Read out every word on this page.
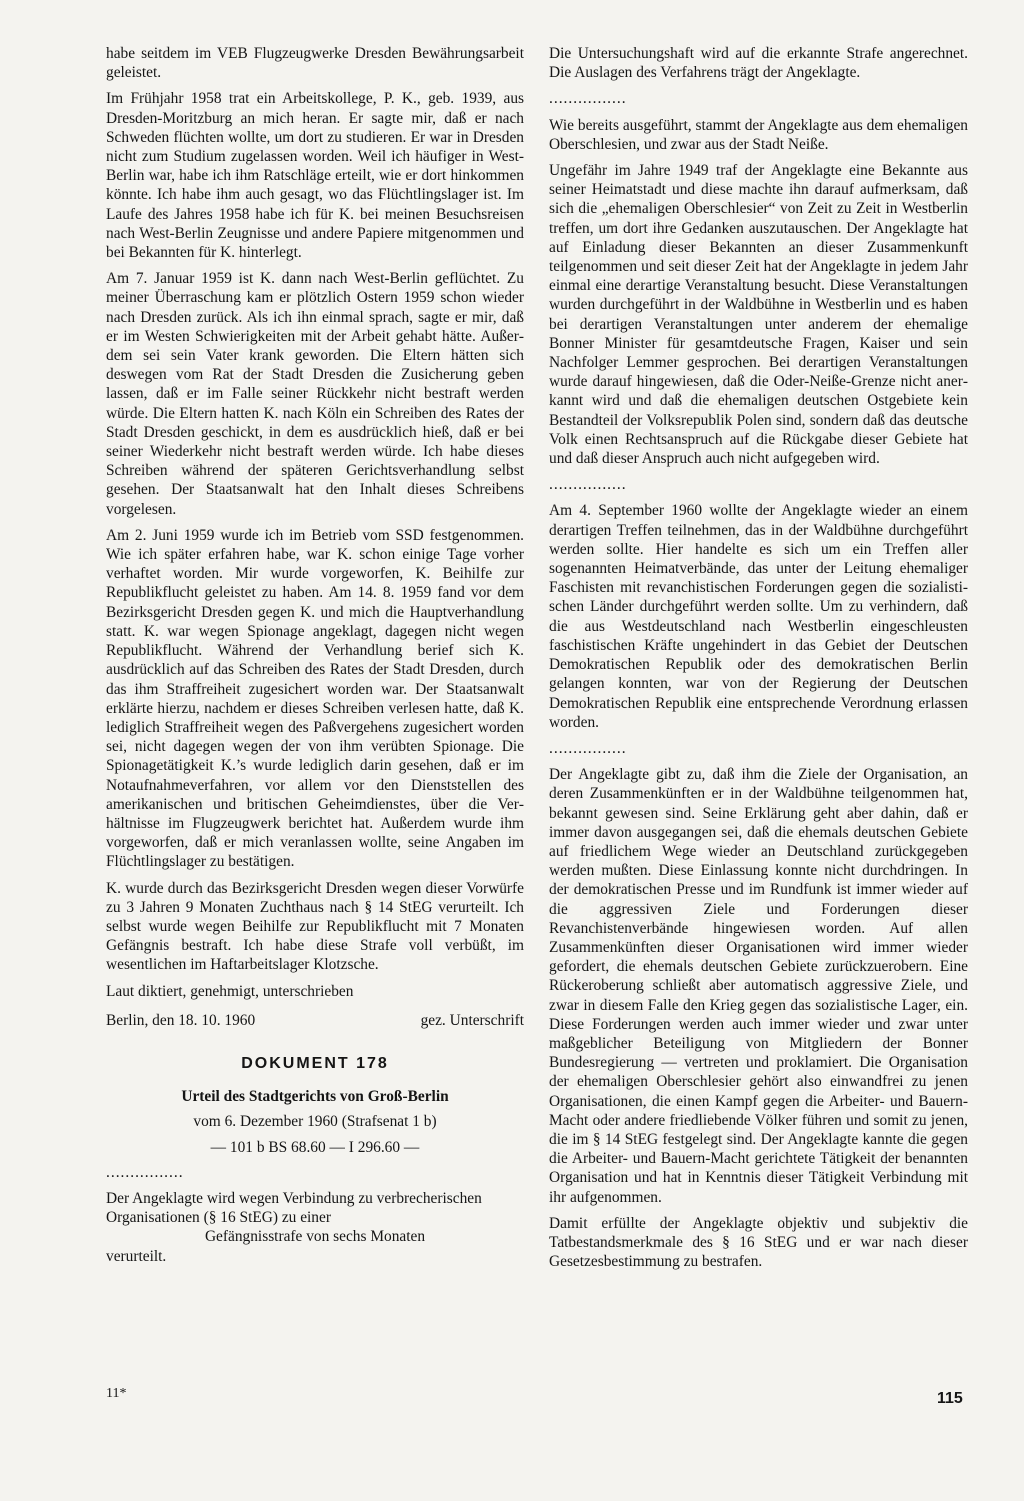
habe seitdem im VEB Flugzeugwerke Dresden Bewährungsarbeit geleistet.

Im Frühjahr 1958 trat ein Arbeitskollege, P. K., geb. 1939, aus Dresden-Moritzburg an mich heran. Er sagte mir, daß er nach Schweden flüchten wollte, um dort zu studieren. Er war in Dresden nicht zum Studium zugelassen worden. Weil ich häufiger in West-Berlin war, habe ich ihm Ratschläge erteilt, wie er dort hinkommen könnte. Ich habe ihm auch gesagt, wo das Flüchtlingslager ist. Im Laufe des Jahres 1958 habe ich für K. bei meinen Besuchsreisen nach West-Berlin Zeugnisse und andere Papiere mitgenommen und bei Bekannten für K. hinterlegt.

Am 7. Januar 1959 ist K. dann nach West-Berlin geflüchtet. Zu meiner Überraschung kam er plötzlich Ostern 1959 schon wieder nach Dresden zurück. Als ich ihn einmal sprach, sagte er mir, daß er im Westen Schwierigkeiten mit der Arbeit gehabt hätte. Außerdem sei sein Vater krank geworden. Die Eltern hätten sich deswegen vom Rat der Stadt Dresden die Zusicherung geben lassen, daß er im Falle seiner Rückkehr nicht bestraft werden würde. Die Eltern hatten K. nach Köln ein Schreiben des Rates der Stadt Dresden geschickt, in dem es ausdrücklich hieß, daß er bei seiner Wiederkehr nicht bestraft werden würde. Ich habe dieses Schreiben während der späteren Gerichtsverhandlung selbst gesehen. Der Staatsanwalt hat den Inhalt dieses Schreibens vorgelesen.

Am 2. Juni 1959 wurde ich im Betrieb vom SSD festgenommen. Wie ich später erfahren habe, war K. schon einige Tage vorher verhaftet worden. Mir wurde vorgeworfen, K. Beihilfe zur Republikflucht geleistet zu haben. Am 14. 8. 1959 fand vor dem Bezirksgericht Dresden gegen K. und mich die Hauptverhandlung statt. K. war wegen Spionage angeklagt, dagegen nicht wegen Republikflucht. Während der Verhandlung berief sich K. ausdrücklich auf das Schreiben des Rates der Stadt Dresden, durch das ihm Straffreiheit zugesichert worden war. Der Staatsanwalt erklärte hierzu, nachdem er dieses Schreiben verlesen hatte, daß K. lediglich Straffreiheit wegen des Paßvergehens zugesichert worden sei, nicht dagegen wegen der von ihm verübten Spionage. Die Spionagetätigkeit K.’s wurde lediglich darin gesehen, daß er im Notaufnahmeverfahren, vor allem vor den Dienststellen des amerikanischen und britischen Geheimdienstes, über die Verhältnisse im Flugzeugwerk berichtet hat. Außerdem wurde ihm vorgeworfen, daß er mich veranlassen wollte, seine Angaben im Flüchtlingslager zu bestätigen.

K. wurde durch das Bezirksgericht Dresden wegen dieser Vorwürfe zu 3 Jahren 9 Monaten Zuchthaus nach § 14 StEG verurteilt. Ich selbst wurde wegen Beihilfe zur Republikflucht mit 7 Monaten Gefängnis bestraft. Ich habe diese Strafe voll verbüßt, im wesentlichen im Haftarbeitslager Klotzsche.

Laut diktiert, genehmigt, unterschrieben

Berlin, den 18. 10. 1960	gez. Unterschrift
DOKUMENT 178
Urteil des Stadtgerichts von Groß-Berlin
vom 6. Dezember 1960 (Strafsenat 1 b)
— 101 b BS 68.60 — I 296.60 —
................

Der Angeklagte wird wegen Verbindung zu verbrecherischen Organisationen (§ 16 StEG) zu einer

Gefängnisstrafe von sechs Monaten

verurteilt.

Die Untersuchungshaft wird auf die erkannte Strafe angerechnet. Die Auslagen des Verfahrens trägt der Angeklagte.

................

Wie bereits ausgeführt, stammt der Angeklagte aus dem ehemaligen Oberschlesien, und zwar aus der Stadt Neiße.

Ungefähr im Jahre 1949 traf der Angeklagte eine Bekannte aus seiner Heimatstadt und diese machte ihn darauf aufmerksam, daß sich die „ehemaligen Oberschlesier“ von Zeit zu Zeit in Westberlin treffen, um dort ihre Gedanken auszutauschen. Der Angeklagte hat auf Einladung dieser Bekannten an dieser Zusammenkunft teilgenommen und seit dieser Zeit hat der Angeklagte in jedem Jahr einmal eine derartige Veranstaltung besucht. Diese Veranstaltungen wurden durchgeführt in der Waldbühne in Westberlin und es haben bei derartigen Veranstaltungen unter anderem der ehemalige Bonner Minister für gesamtdeutsche Fragen, Kaiser und sein Nachfolger Lemmer gesprochen. Bei derartigen Veranstaltungen wurde darauf hingewiesen, daß die Oder-Neiße-Grenze nicht anerkannt wird und daß die ehemaligen deutschen Ostgebiete kein Bestandteil der Volksrepublik Polen sind, sondern daß das deutsche Volk einen Rechtsanspruch auf die Rückgabe dieser Gebiete hat und daß dieser Anspruch auch nicht aufgegeben wird.

................

Am 4. September 1960 wollte der Angeklagte wieder an einem derartigen Treffen teilnehmen, das in der Waldbühne durchgeführt werden sollte. Hier handelte es sich um ein Treffen aller sogenannten Heimatverbände, das unter der Leitung ehemaliger Faschisten mit revanchistischen Forderungen gegen die sozialistischen Länder durchgeführt werden sollte. Um zu verhindern, daß die aus Westdeutschland nach Westberlin eingeschleusten faschistischen Kräfte ungehindert in das Gebiet der Deutschen Demokratischen Republik oder des demokratischen Berlin gelangen konnten, war von der Regierung der Deutschen Demokratischen Republik eine entsprechende Verordnung erlassen worden.

................

Der Angeklagte gibt zu, daß ihm die Ziele der Organisation, an deren Zusammenkünften er in der Waldbühne teilgenommen hat, bekannt gewesen sind. Seine Erklärung geht aber dahin, daß er immer davon ausgegangen sei, daß die ehemals deutschen Gebiete auf friedlichem Wege wieder an Deutschland zurückgegeben werden mußten. Diese Einlassung konnte nicht durchdringen. In der demokratischen Presse und im Rundfunk ist immer wieder auf die aggressiven Ziele und Forderungen dieser Revanchistenverbände hingewiesen worden. Auf allen Zusammenkünften dieser Organisationen wird immer wieder gefordert, die ehemals deutschen Gebiete zurückzuerobern. Eine Rückeroberung schließt aber automatisch aggressive Ziele, und zwar in diesem Falle den Krieg gegen das sozialistische Lager, ein. Diese Forderungen werden auch immer wieder und zwar unter maßgeblicher Beteiligung von Mitgliedern der Bonner Bundesregierung — vertreten und proklamiert. Die Organisation der ehemaligen Oberschlesier gehört also einwandfrei zu jenen Organisationen, die einen Kampf gegen die Arbeiter- und Bauern-Macht oder andere friedliebende Völker führen und somit zu jenen, die im § 14 StEG festgelegt sind. Der Angeklagte kannte die gegen die Arbeiter- und Bauern-Macht gerichtete Tätigkeit der benannten Organisation und hat in Kenntnis dieser Tätigkeit Verbindung mit ihr aufgenommen.

Damit erfüllte der Angeklagte objektiv und subjektiv die Tatbestandsmerkmale des § 16 StEG und er war nach dieser Gesetzesbestimmung zu bestrafen.

11*	115
